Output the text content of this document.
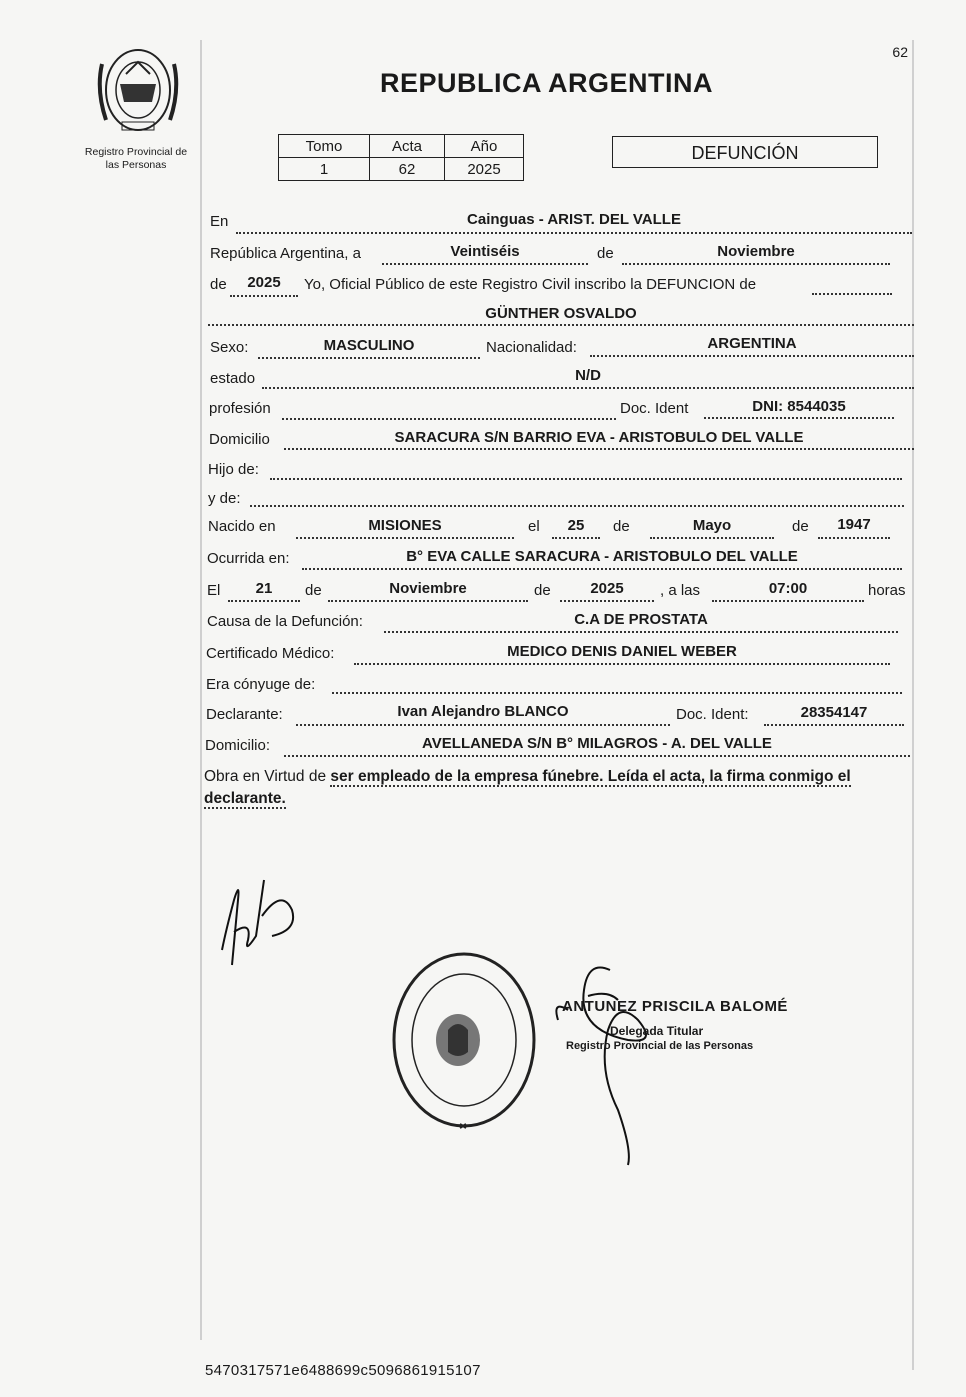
62
Registro Provincial de
las Personas
REPUBLICA ARGENTINA
Tomo	Acta	Año
1	62	2025
DEFUNCIÓN
En	Cainguas - ARIST. DEL VALLE
República Argentina, a	Veintiséis	de	Noviembre
de	2025	Yo, Oficial Público de este Registro Civil inscribo la DEFUNCION de
GÜNTHER OSVALDO
Sexo:	MASCULINO	Nacionalidad:	ARGENTINA
estado	N/D
profesión	Doc. Ident	DNI: 8544035
Domicilio	SARACURA S/N BARRIO EVA - ARISTOBULO DEL VALLE
Hijo de:
y de:
Nacido en	MISIONES	el	25	de	Mayo	de	1947
Ocurrida en:	B° EVA CALLE SARACURA - ARISTOBULO DEL VALLE
El	21	de	Noviembre	de	2025	, a las	07:00	horas
Causa de la Defunción:	C.A DE PROSTATA
Certificado Médico:	MEDICO DENIS DANIEL WEBER
Era cónyuge de:
Declarante:	Ivan Alejandro BLANCO	Doc. Ident:	28354147
Domicilio:	AVELLANEDA S/N B° MILAGROS - A. DEL VALLE
Obra en Virtud de ser empleado de la empresa fúnebre. Leída el acta, la firma conmigo el declarante.
ANTUNEZ PRISCILA BALOMÉ
Delegada Titular
Registro Provincial de las Personas
5470317571e6488699c5096861915107
